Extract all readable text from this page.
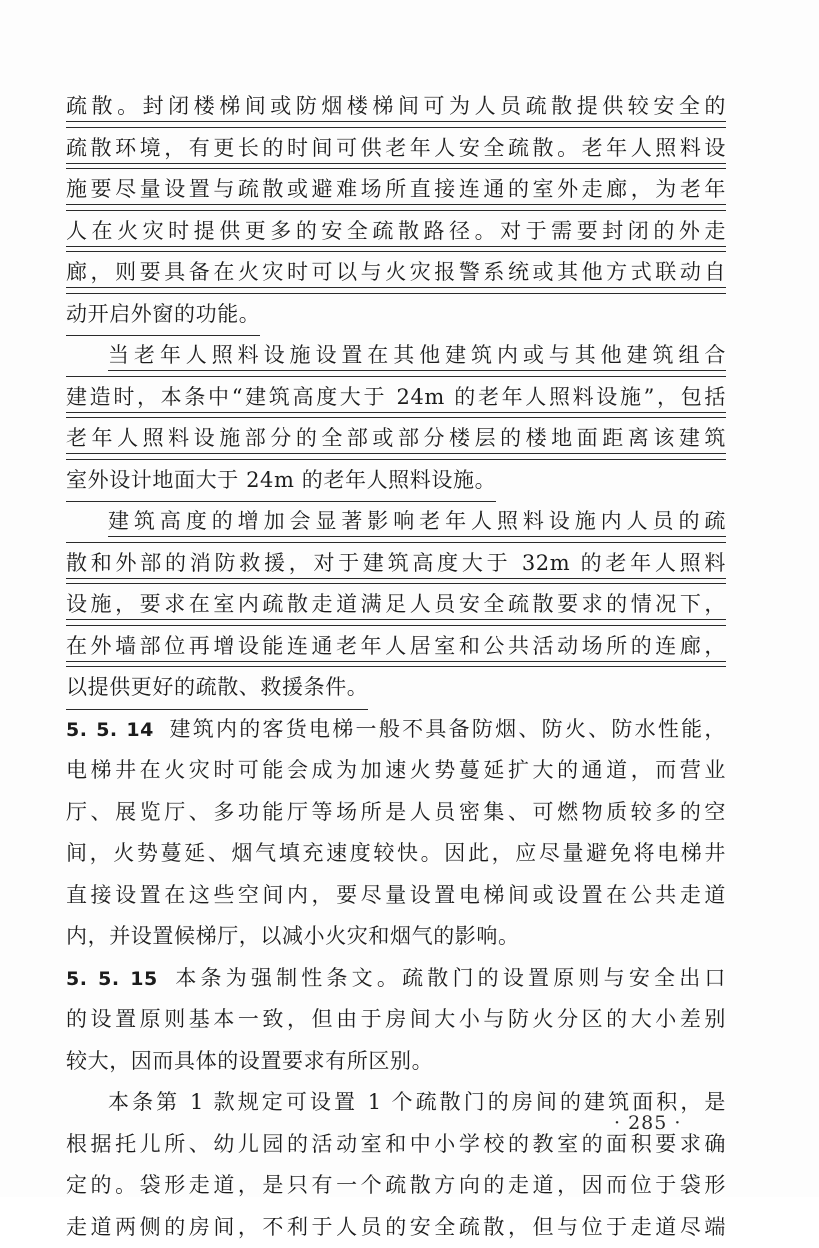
疏散。封闭楼梯间或防烟楼梯间可为人员疏散提供较安全的
疏散环境，有更长的时间可供老年人安全疏散。老年人照料设
施要尽量设置与疏散或避难场所直接连通的室外走廊，为老年
人在火灾时提供更多的安全疏散路径。对于需要封闭的外走
廊，则要具备在火灾时可以与火灾报警系统或其他方式联动自
动开启外窗的功能。
当老年人照料设施设置在其他建筑内或与其他建筑组合
建造时，本条中“建筑高度大于 24m 的老年人照料设施”，包括
老年人照料设施部分的全部或部分楼层的楼地面距离该建筑
室外设计地面大于 24m 的老年人照料设施。
建筑高度的增加会显著影响老年人照料设施内人员的疏
散和外部的消防救援，对于建筑高度大于 32m 的老年人照料
设施，要求在室内疏散走道满足人员安全疏散要求的情况下，
在外墙部位再增设能连通老年人居室和公共活动场所的连廊，
以提供更好的疏散、救援条件。
5. 5. 14 建筑内的客货电梯一般不具备防烟、防火、防水性能，
电梯井在火灾时可能会成为加速火势蔓延扩大的通道，而营业
厅、展览厅、多功能厅等场所是人员密集、可燃物质较多的空
间，火势蔓延、烟气填充速度较快。因此，应尽量避免将电梯井
直接设置在这些空间内，要尽量设置电梯间或设置在公共走道
内，并设置候梯厅，以减小火灾和烟气的影响。
5. 5. 15 本条为强制性条文。疏散门的设置原则与安全出口
的设置原则基本一致，但由于房间大小与防火分区的大小差别
较大，因而具体的设置要求有所区别。
本条第 1 款规定可设置 1 个疏散门的房间的建筑面积，是
根据托儿所、幼儿园的活动室和中小学校的教室的面积要求确
定的。袋形走道，是只有一个疏散方向的走道，因而位于袋形
走道两侧的房间，不利于人员的安全疏散，但与位于走道尽端
· 285 ·
